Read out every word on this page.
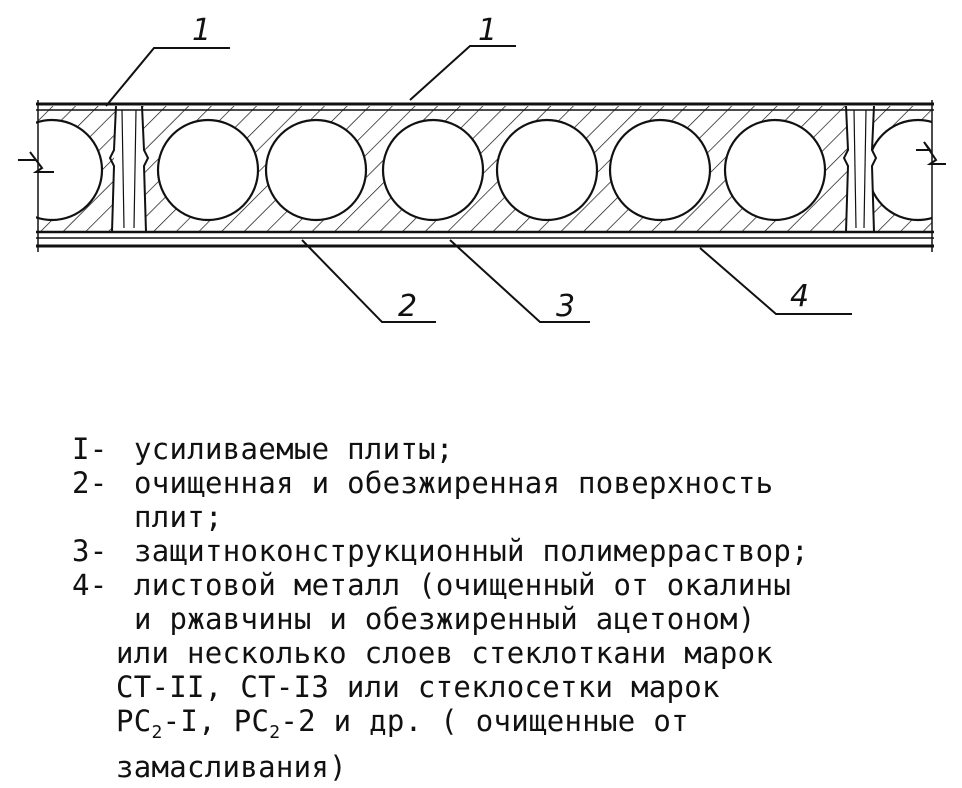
1	1
2	3	4
I- усиливаемые плиты;
2- очищенная и обезжиренная поверхность
плит;
3- защитноконструкционный полимерраствор;
4- листовой металл (очищенный от окалины
и ржавчины и обезжиренный ацетоном)
или несколько слоев стеклоткани марок
СТ-II, СТ-I3 или стеклосетки марок
$РС_2-I$, $РС_2-2$ и др. ( очищенные от
замасливания)
